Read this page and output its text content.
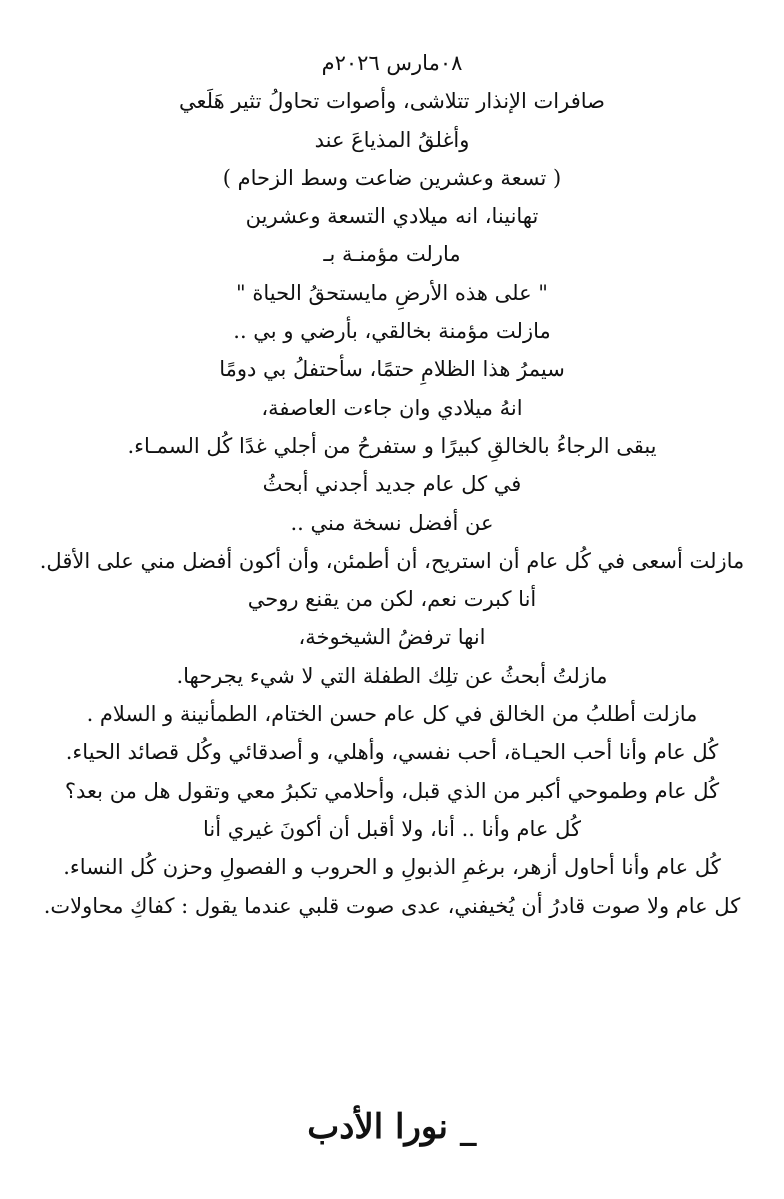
٠٨مارس ٢٠٢٦م
صافرات الإنذار تتلاشى، وأصوات تحاولُ تثير هَلَعي
وأغلقُ المذياعَ عند
( تسعة وعشرين ضاعت وسط الزحام )
تهانينا، انه ميلادي التسعة وعشرين
مارلت مؤمنـة بـ
" على هذه الأرضِ مايستحقُ الحياة "
مازلت مؤمنة بخالقي، بأرضي و بي ..
سيمرُ هذا الظلامِ حتمًا، سأحتفلُ بي دومًا
انهُ ميلادي وان جاءت العاصفة،
يبقى الرجاءُ بالخالقِ كبيرًا و ستفرحُ من أجلي غدًا كُل السمـاء.
في كل عام جديد أجدني أبحثُ
عن أفضل نسخة مني ..
مازلت أسعى في كُل عام أن استريح، أن أطمئن، وأن أكون أفضل مني على الأقل.
أنا كبرت نعم، لكن من يقنع روحي
انها ترفضُ الشيخوخة،
مازلتُ أبحثُ عن تلِك الطفلة التي لا شيء يجرحها.
مازلت أطلبُ من الخالق في كل عام حسن الختام، الطمأنينة و السلام .
كُل عام وأنا أحب الحيـاة، أحب نفسي، وأهلي، و أصدقائي وكُل قصائد الحياء.
كُل عام وطموحي أكبر من الذي قبل، وأحلامي تكبرُ معي وتقول هل من بعد؟
كُل عام وأنا .. أنا، ولا أقبل أن أكونَ غيري أنا
كُل عام وأنا أحاول أزهر، برغمِ الذبولِ و الحروب و الفصولِ وحزن كُل النساء.
كل عام ولا صوت قادرُ أن يُخيفني، عدى صوت قلبي عندما يقول : كفاكِ محاولات.
_ نورا الأدب
